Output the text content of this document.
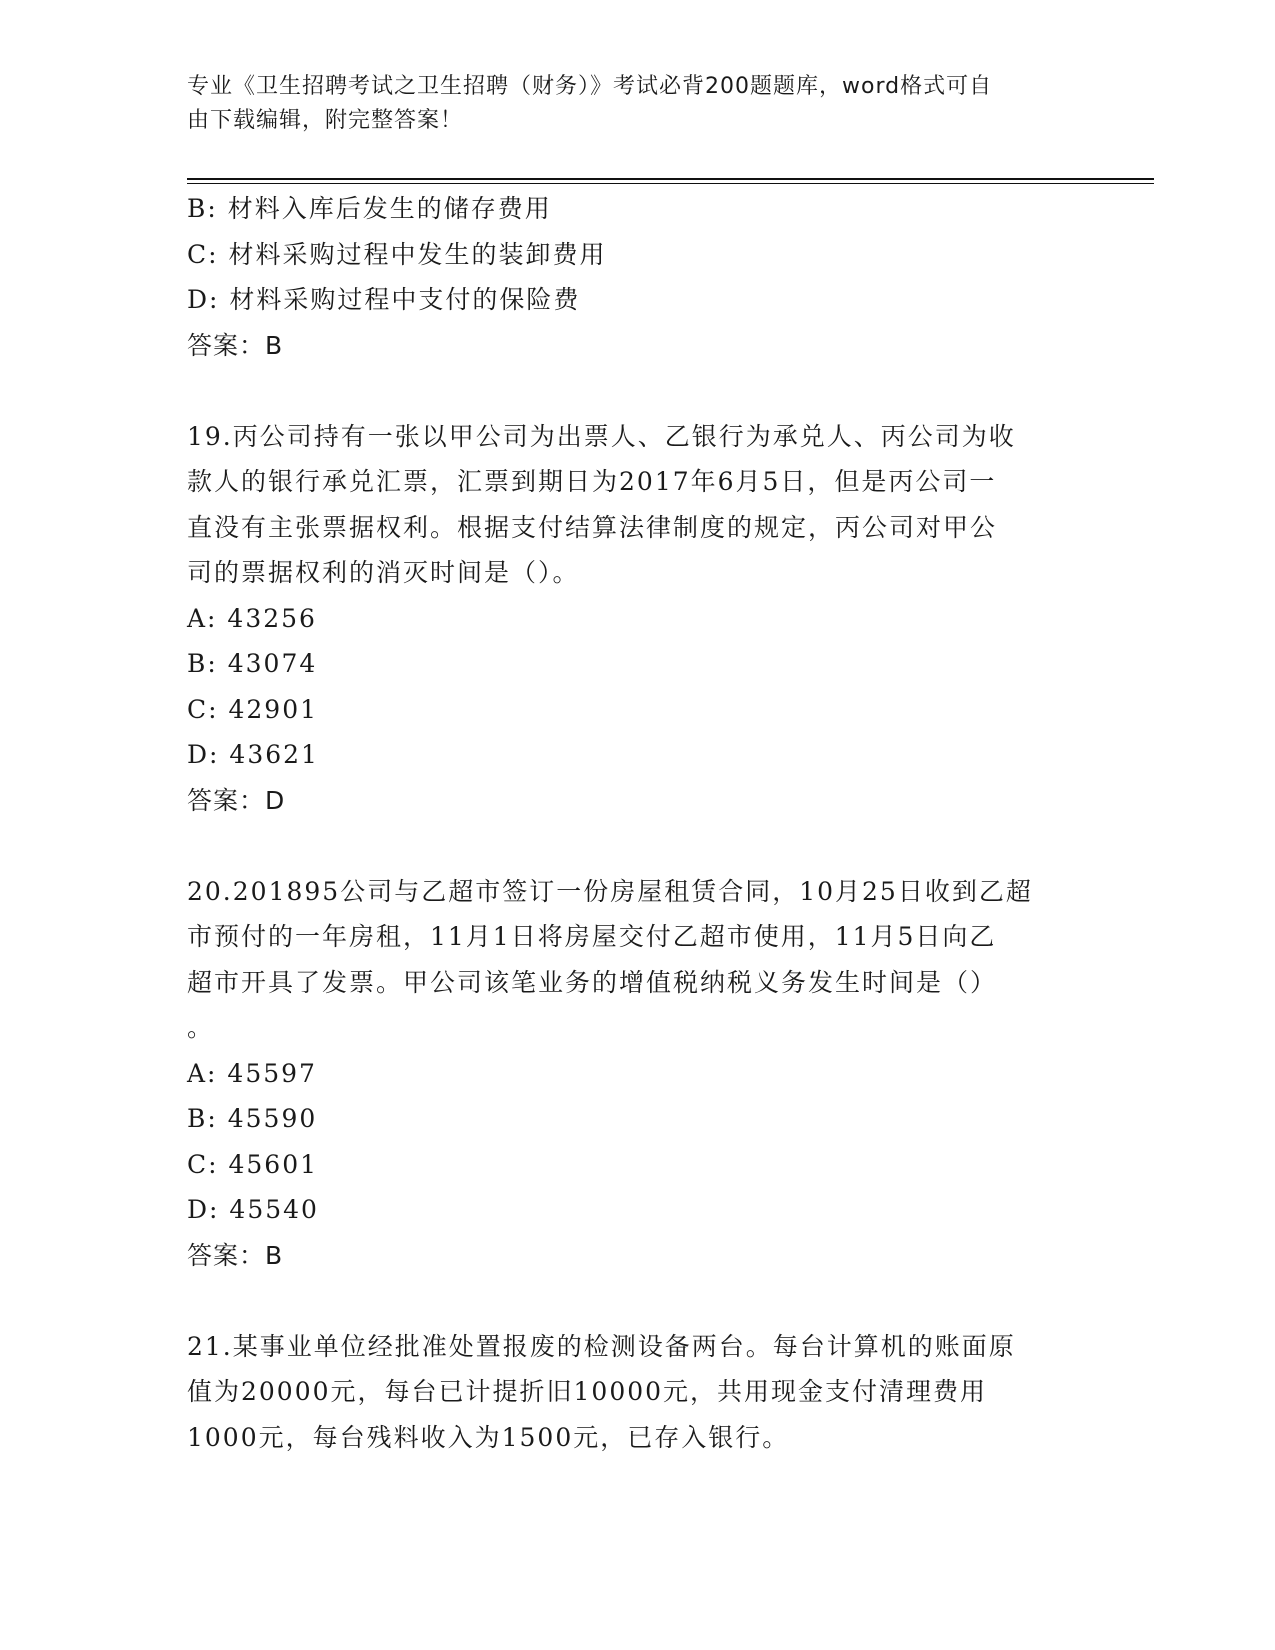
专业《卫生招聘考试之卫生招聘（财务）》考试必背200题题库，word格式可自
由下载编辑，附完整答案！
B: 材料入库后发生的储存费用
C: 材料采购过程中发生的装卸费用
D: 材料采购过程中支付的保险费
答案：B
19.丙公司持有一张以甲公司为出票人、乙银行为承兑人、丙公司为收
款人的银行承兑汇票，汇票到期日为2017年6月5日，但是丙公司一
直没有主张票据权利。根据支付结算法律制度的规定，丙公司对甲公
司的票据权利的消灭时间是（）。
A: 43256
B: 43074
C: 42901
D: 43621
答案：D
20.201895公司与乙超市签订一份房屋租赁合同，10月25日收到乙超
市预付的一年房租，11月1日将房屋交付乙超市使用，11月5日向乙
超市开具了发票。甲公司该笔业务的增值税纳税义务发生时间是（）
。
A: 45597
B: 45590
C: 45601
D: 45540
答案：B
21.某事业单位经批准处置报废的检测设备两台。每台计算机的账面原
值为20000元，每台已计提折旧10000元，共用现金支付清理费用
1000元，每台残料收入为1500元，已存入银行。
